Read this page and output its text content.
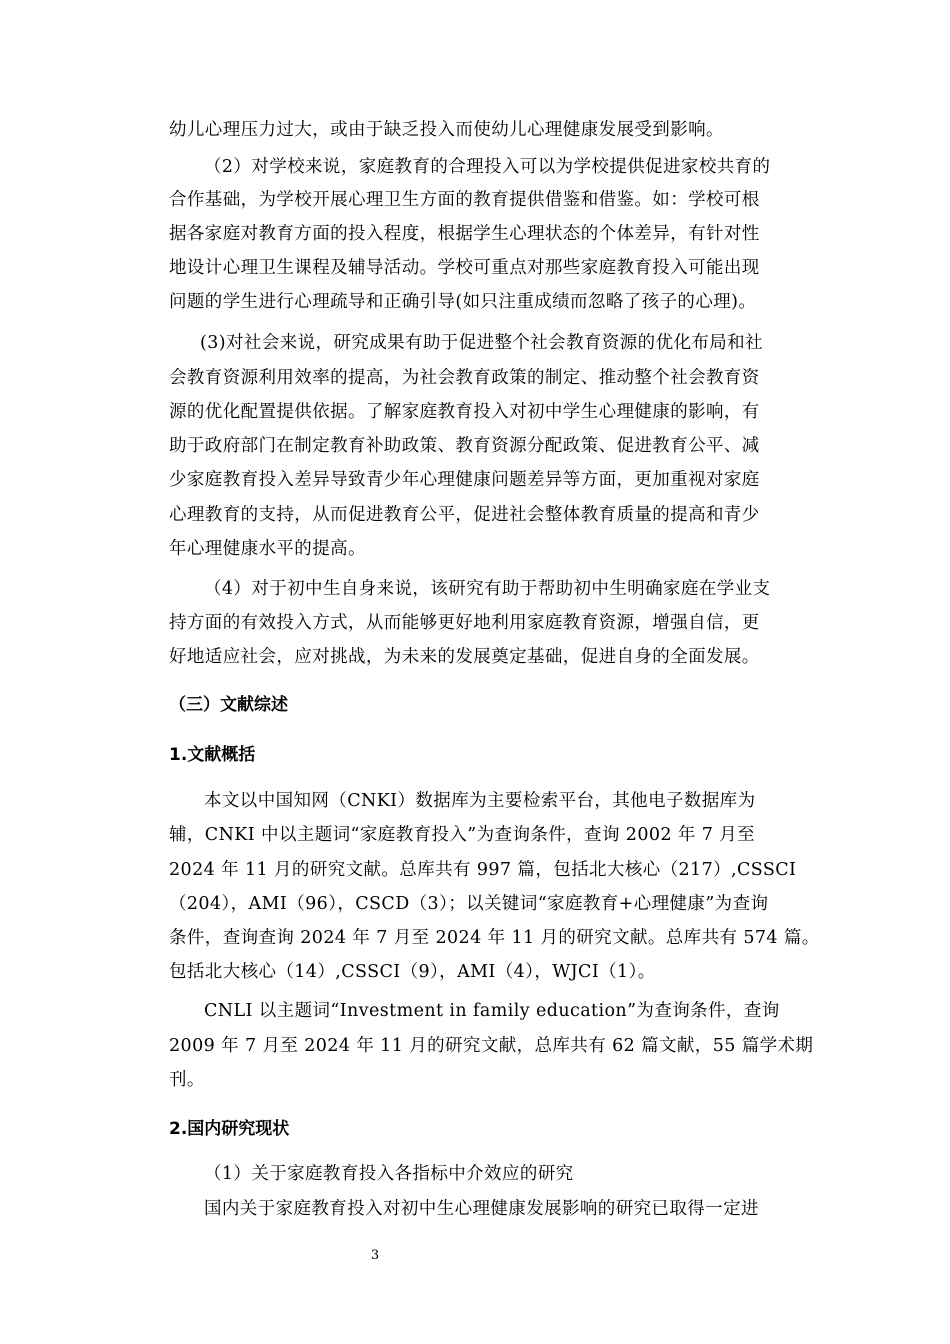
幼儿心理压力过大，或由于缺乏投入而使幼儿心理健康发展受到影响。
（2）对学校来说，家庭教育的合理投入可以为学校提供促进家校共育的
合作基础，为学校开展心理卫生方面的教育提供借鉴和借鉴。如：学校可根
据各家庭对教育方面的投入程度，根据学生心理状态的个体差异，有针对性
地设计心理卫生课程及辅导活动。学校可重点对那些家庭教育投入可能出现
问题的学生进行心理疏导和正确引导(如只注重成绩而忽略了孩子的心理)。
(3)对社会来说，研究成果有助于促进整个社会教育资源的优化布局和社
会教育资源利用效率的提高，为社会教育政策的制定、推动整个社会教育资
源的优化配置提供依据。了解家庭教育投入对初中学生心理健康的影响，有
助于政府部门在制定教育补助政策、教育资源分配政策、促进教育公平、减
少家庭教育投入差异导致青少年心理健康问题差异等方面，更加重视对家庭
心理教育的支持，从而促进教育公平，促进社会整体教育质量的提高和青少
年心理健康水平的提高。
（4）对于初中生自身来说，该研究有助于帮助初中生明确家庭在学业支
持方面的有效投入方式，从而能够更好地利用家庭教育资源，增强自信，更
好地适应社会，应对挑战，为未来的发展奠定基础，促进自身的全面发展。
（三）文献综述
1.文献概括
本文以中国知网（CNKI）数据库为主要检索平台，其他电子数据库为
辅，CNKI 中以主题词“家庭教育投入”为查询条件，查询 2002 年 7 月至
2024 年 11 月的研究文献。总库共有 997 篇，包括北大核心（217）,CSSCI
（204），AMI（96），CSCD（3）；以关键词“家庭教育+心理健康”为查询
条件，查询查询 2024 年 7 月至 2024 年 11 月的研究文献。总库共有 574 篇。
包括北大核心（14）,CSSCI（9），AMI（4），WJCI（1）。
CNLI 以主题词“Investment in family education”为查询条件，查询
2009 年 7 月至 2024 年 11 月的研究文献，总库共有 62 篇文献，55 篇学术期
刊。
2.国内研究现状
（1）关于家庭教育投入各指标中介效应的研究
国内关于家庭教育投入对初中生心理健康发展影响的研究已取得一定进
3
